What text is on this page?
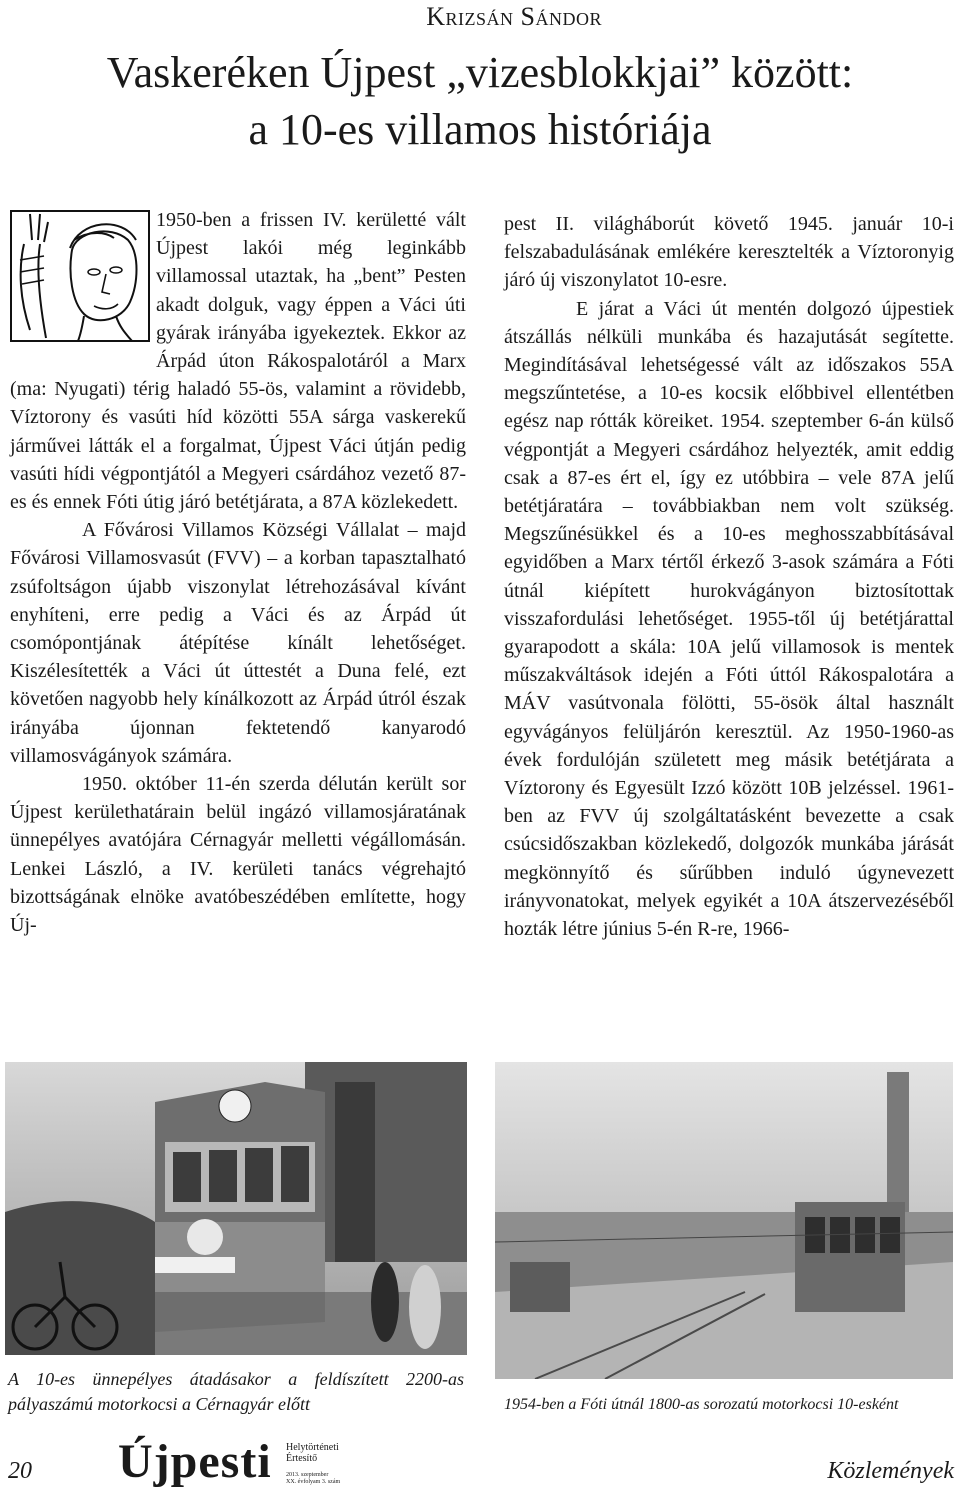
Krizsán Sándor
Vaskeréken Újpest „vizesblokkjai” között:
a 10-es villamos históriája

1950-ben a frissen IV. kerületté vált Újpest lakói még leginkább villamossal utaztak, ha „bent” Pesten akadt dolguk, vagy éppen a Váci úti gyárak irányába igyekeztek. Ekkor az Árpád úton Rákospalotáról a Marx (ma: Nyugati) térig haladó 55-ös, valamint a rövidebb, Víztorony és vasúti híd közötti 55A sárga vaskerekű járművei látták el a forgalmat, Újpest Váci útján pedig vasúti hídi végpontjától a Megyeri csárdához vezető 87-es és ennek Fóti útig járó betétjárata, a 87A közlekedett.

A Fővárosi Villamos Községi Vállalat – majd Fővárosi Villamosvasút (FVV) – a korban tapasztalható zsúfoltságon újabb viszonylat létrehozásával kívánt enyhíteni, erre pedig a Váci és az Árpád út csomópontjának átépítése kínált lehetőséget. Kiszélesítették a Váci út úttestét a Duna felé, ezt követően nagyobb hely kínálkozott az Árpád útról észak irányába újonnan fektetendő kanyarodó villamosvágányok számára.

1950. október 11-én szerda délután került sor Újpest kerülethatárain belül ingázó villamosjáratának ünnepélyes avatójára Cérnagyár melletti végállomásán. Lenkei László, a IV. kerületi tanács végrehajtó bizottságának elnöke avatóbeszédében említette, hogy Új-

pest II. világháborút követő 1945. január 10-i felszabadulásának emlékére keresztelték a Víztoronyig járó új viszonylatot 10-esre.

E járat a Váci út mentén dolgozó újpestiek átszállás nélküli munkába és hazajutását segítette. Megindításával lehetségessé vált az időszakos 55A megszűntetése, a 10-es kocsik előbbivel ellentétben egész nap rótták köreiket. 1954. szeptember 6-án külső végpontját a Megyeri csárdához helyezték, amit eddig csak a 87-es ért el, így ez utóbbira – vele 87A jelű betétjáratára – továbbiakban nem volt szükség. Megszűnésükkel és a 10-es meghosszabbításával egyidőben a Marx tértől érkező 3-asok számára a Fóti útnál kiépített hurokvágányon biztosítottak visszafordulási lehetőséget. 1955-től új betétjárattal gyarapodott a skála: 10A jelű villamosok is mentek műszakváltások idején a Fóti úttól Rákospalotára a MÁV vasútvonala fölötti, 55-ösök által használt egyvágányos felüljárón keresztül. Az 1950-1960-as évek fordulóján született meg másik betétjárata a Víztorony és Egyesült Izzó között 10B jelzéssel. 1961-ben az FVV új szolgáltatásként bevezette a csak csúcsidőszakban közlekedő, dolgozók munkába járását megkönnyítő és sűrűbben induló úgynevezett irányvonatokat, melyek egyikét a 10A átszervezéséből hozták létre június 5-én R-re, 1966-

A 10-es ünnepélyes átadásakor a feldíszített 2200-as pályaszámú motorkocsi a Cérnagyár előtt	1954-ben a Fóti útnál 1800-as sorozatú motorkocsi 10-esként
20 Újpesti Helytörténeti
Értesítő
2013. szeptember
XX. évfolyam 3. szám	Közlemények
